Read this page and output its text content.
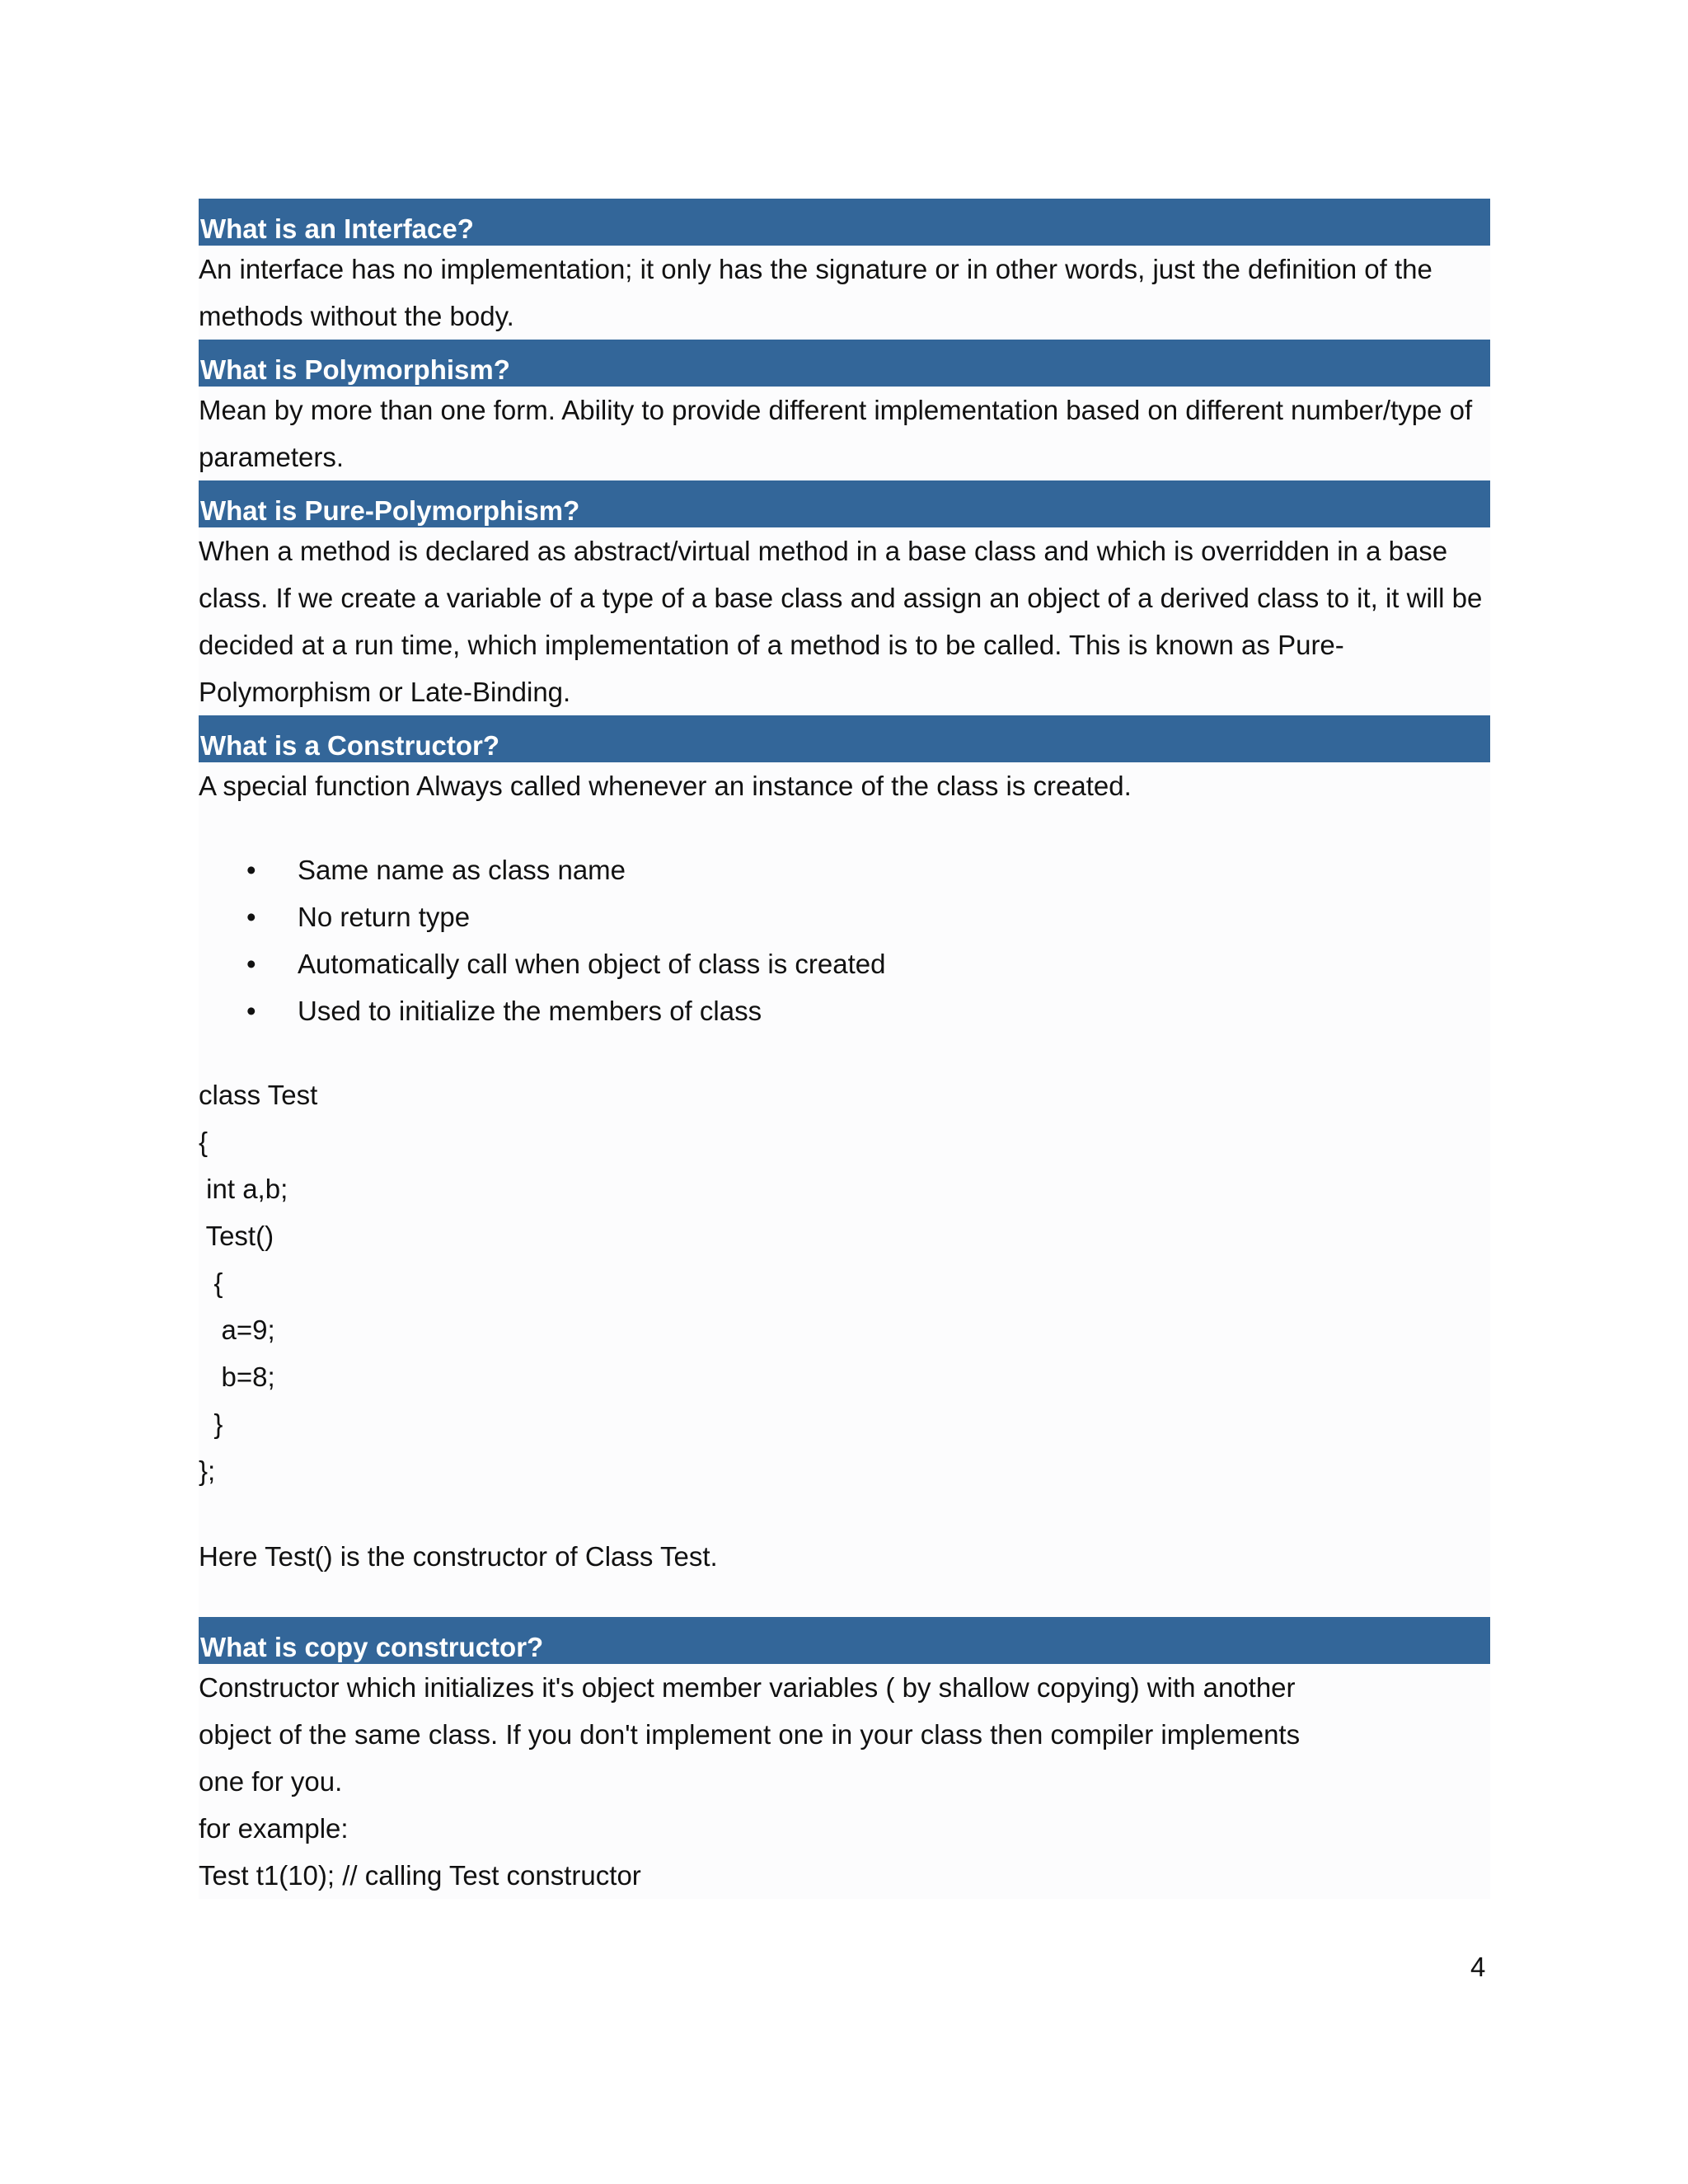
What is an Interface?
An interface has no implementation; it only has the signature or in other words, just the definition of the methods without the body.
What is Polymorphism?
Mean by more than one form. Ability to provide different implementation based on different number/type of parameters.
What is Pure-Polymorphism?
When a method is declared as abstract/virtual method in a base class and which is overridden in a base class. If we create a variable of a type of a base class and assign an object of a derived class to it, it will be decided at a run time, which implementation of a method is to be called. This is known as Pure-Polymorphism or Late-Binding.
What is a Constructor?
A special function Always called whenever an instance of the class is created.
• Same name as class name
• No return type
• Automatically call when object of class is created
• Used to initialize the members of class
class Test
{
int a,b;
Test()
{
a=9;
b=8;
}
};
Here Test() is the constructor of Class Test.
What is copy constructor?
Constructor which initializes it's object member variables ( by shallow copying) with another object of the same class. If you don't implement one in your class then compiler implements one for you.
for example:
Test t1(10); // calling Test constructor
4
